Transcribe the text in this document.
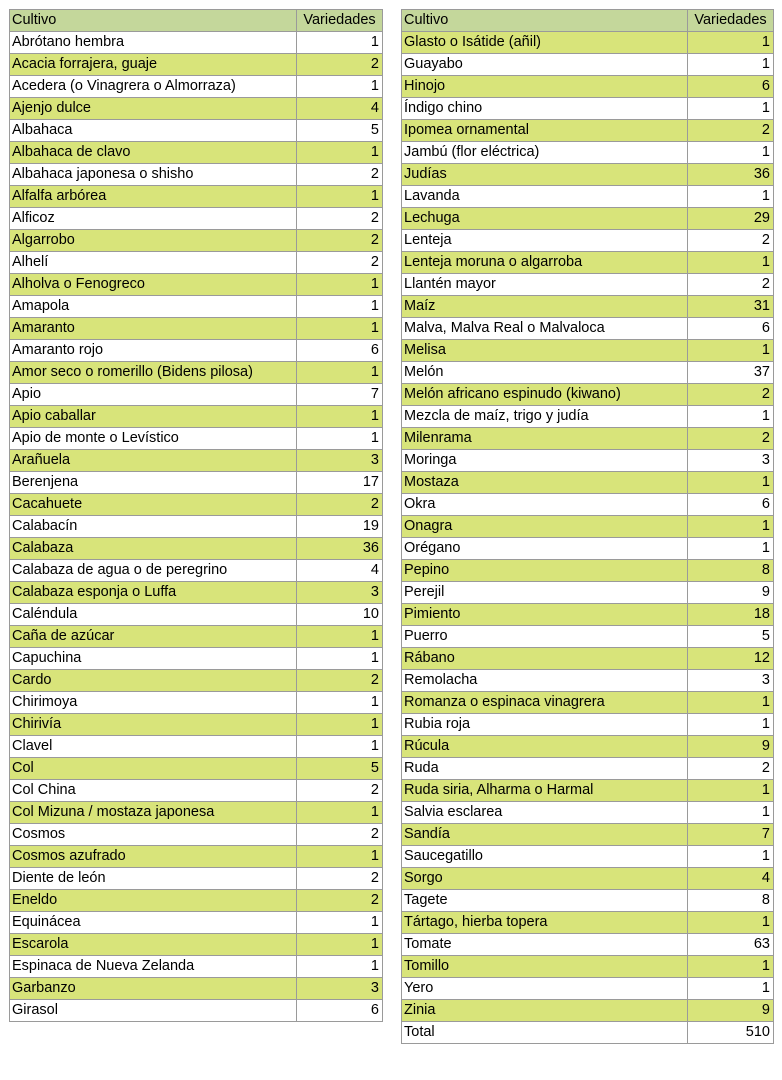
Cultivo	Variedades
Abrótano hembra	1
Acacia forrajera, guaje	2
Acedera (o Vinagrera o Almorraza)	1
Ajenjo dulce	4
Albahaca	5
Albahaca de clavo	1
Albahaca japonesa o shisho	2
Alfalfa arbórea	1
Alficoz	2
Algarrobo	2
Alhelí	2
Alholva o Fenogreco	1
Amapola	1
Amaranto	1
Amaranto rojo	6
Amor seco o romerillo (Bidens pilosa)	1
Apio	7
Apio caballar	1
Apio de monte o Levístico	1
Arañuela	3
Berenjena	17
Cacahuete	2
Calabacín	19
Calabaza	36
Calabaza de agua o de peregrino	4
Calabaza esponja o Luffa	3
Caléndula	10
Caña de azúcar	1
Capuchina	1
Cardo	2
Chirimoya	1
Chirivía	1
Clavel	1
Col	5
Col China	2
Col Mizuna / mostaza japonesa	1
Cosmos	2
Cosmos azufrado	1
Diente de león	2
Eneldo	2
Equinácea	1
Escarola	1
Espinaca de Nueva Zelanda	1
Garbanzo	3
Girasol	6
Cultivo	Variedades
Glasto o Isátide (añil)	1
Guayabo	1
Hinojo	6
Índigo chino	1
Ipomea ornamental	2
Jambú (flor eléctrica)	1
Judías	36
Lavanda	1
Lechuga	29
Lenteja	2
Lenteja moruna o algarroba	1
Llantén mayor	2
Maíz	31
Malva, Malva Real o Malvaloca	6
Melisa	1
Melón	37
Melón africano espinudo (kiwano)	2
Mezcla de maíz, trigo y judía	1
Milenrama	2
Moringa	3
Mostaza	1
Okra	6
Onagra	1
Orégano	1
Pepino	8
Perejil	9
Pimiento	18
Puerro	5
Rábano	12
Remolacha	3
Romanza o espinaca vinagrera	1
Rubia roja	1
Rúcula	9
Ruda	2
Ruda siria, Alharma o Harmal	1
Salvia esclarea	1
Sandía	7
Saucegatillo	1
Sorgo	4
Tagete	8
Tártago, hierba topera	1
Tomate	63
Tomillo	1
Yero	1
Zinia	9
Total	510
